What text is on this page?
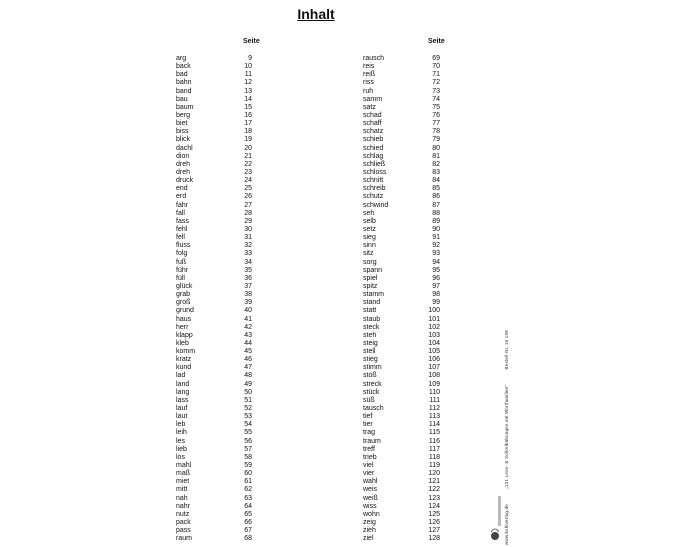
Inhalt
Seite	Seite
arg	9
back	10
bad	11
bahn	12
band	13
bau	14
baum	15
berg	16
biet	17
biss	18
blick	19
dachl	20
dion	21
dreh	22
dreh	23
druck	24
end	25
erd	26
fahr	27
fall	28
fass	29
fehl	30
fell	31
fluss	32
folg	33
fuß	34
führ	35
füll	36
glück	37
grab	38
groß	39
grund	40
haus	41
herr	42
klapp	43
kleb	44
komm	45
kratz	46
kund	47
lad	48
land	49
lang	50
lass	51
lauf	52
laut	53
leb	54
leih	55
les	56
lieb	57
los	58
mahl	59
maß	60
miet	61
mitt	62
nah	63
nahr	64
nutz	65
pack	66
pass	67
raum	68
rausch	69
reis	70
reiß	71
riss	72
ruh	73
samm	74
satz	75
schad	76
schaff	77
schatz	78
schieb	79
schied	80
schlag	81
schließ	82
schloss	83
schnitt	84
schreib	85
schutz	86
schwind	87
seh	88
selb	89
setz	90
sieg	91
sinn	92
sitz	93
sorg	94
spann	95
spiel	96
spitz	97
stamm	98
stand	99
statt	100
staub	101
steck	102
steh	103
steig	104
stell	105
stieg	106
stimm	107
stoß	108
streck	109
stück	110
süß	111
tausch	112
tief	113
tier	114
trag	115
traum	116
treff	117
trieb	118
viel	119
vier	120
wahl	121
weis	122
weiß	123
wiss	124
wohn	125
zeig	126
zieh	127
ziel	128	www.kohlverlag.de „121 Lese- & Schreibübungen mit Wortfamilien“ Bestell-Nr. 10 198
